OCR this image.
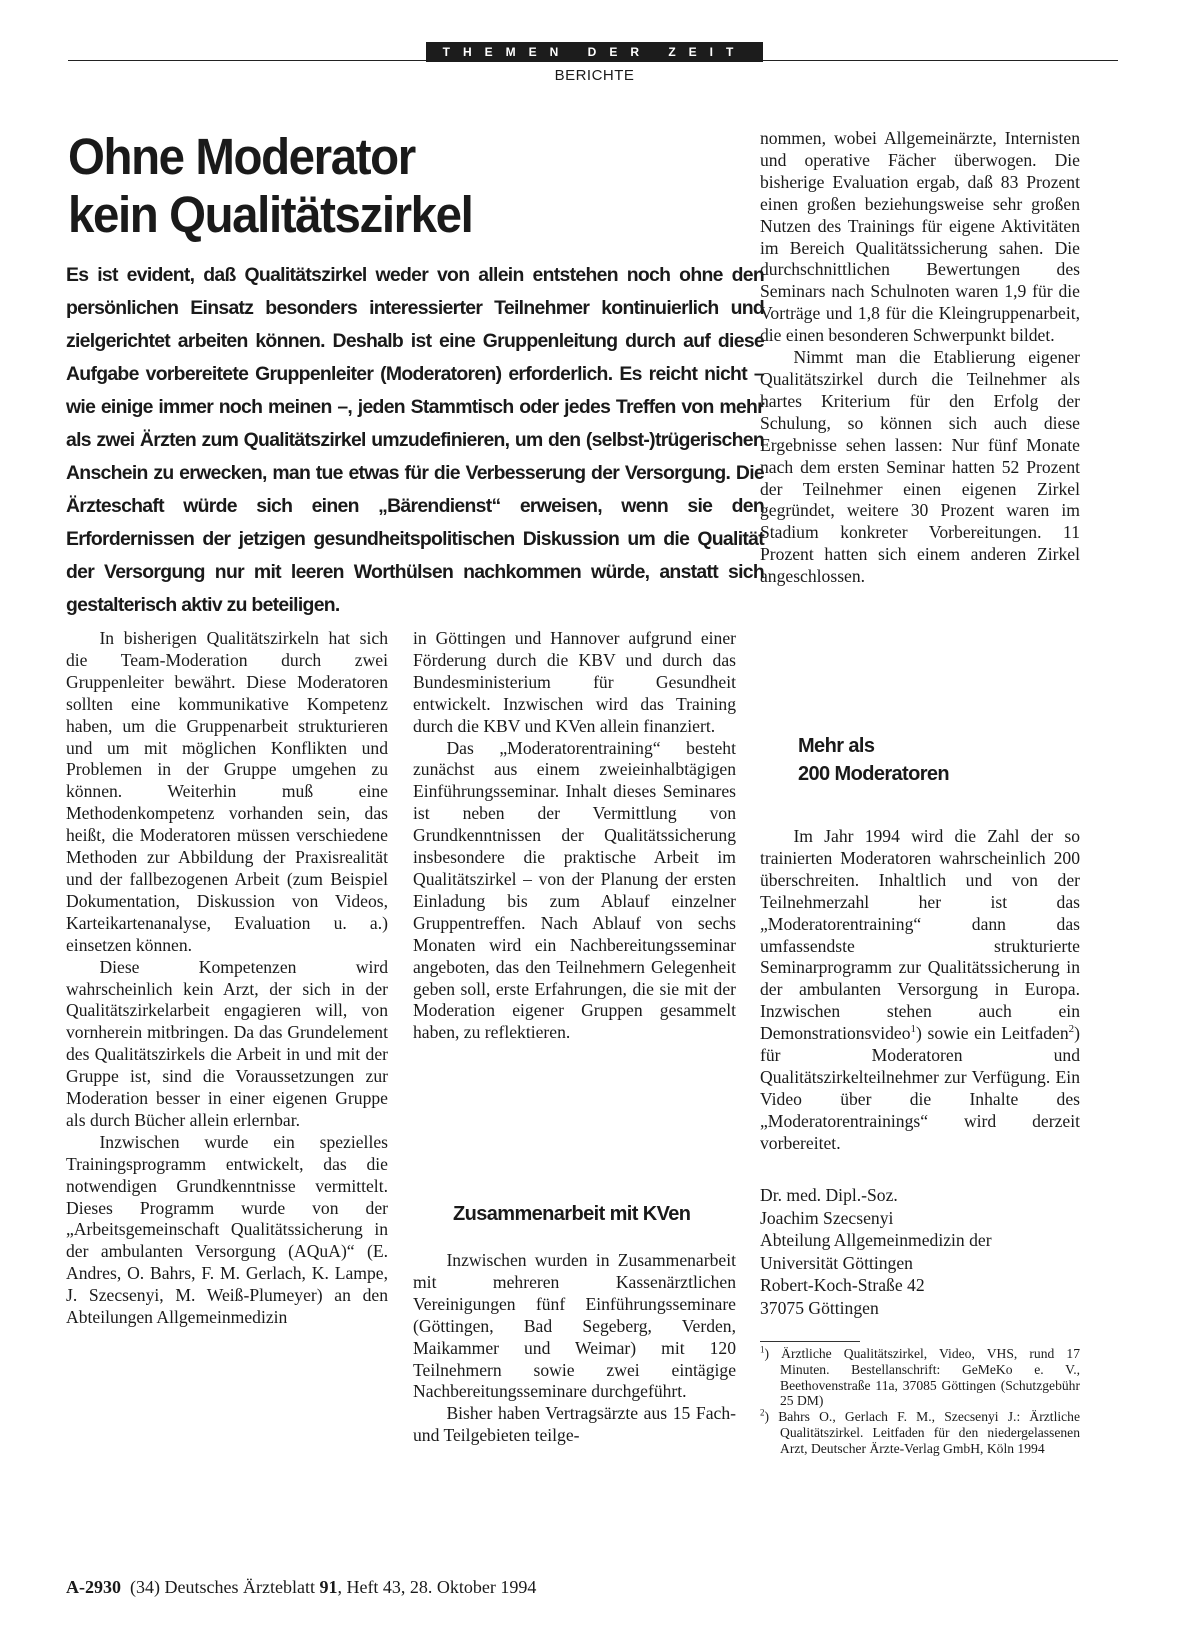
THEMEN DER ZEIT
BERICHTE
Ohne Moderator
kein Qualitätszirkel

Es ist evident, daß Qualitätszirkel weder von allein entstehen noch ohne den persönlichen Einsatz besonders interessierter Teilnehmer kontinuierlich und zielgerichtet arbeiten können. Deshalb ist eine Gruppenleitung durch auf diese Aufgabe vorbereitete Gruppenleiter (Moderatoren) erforderlich. Es reicht nicht – wie einige immer noch meinen –, jeden Stammtisch oder jedes Treffen von mehr als zwei Ärzten zum Qualitätszirkel umzudefinieren, um den (selbst-)trügerischen Anschein zu erwecken, man tue etwas für die Verbesserung der Versorgung. Die Ärzteschaft würde sich einen „Bärendienst“ erweisen, wenn sie den Erfordernissen der jetzigen gesundheitspolitischen Diskussion um die Qualität der Versorgung nur mit leeren Worthülsen nachkommen würde, anstatt sich gestalterisch aktiv zu beteiligen.

In bisherigen Qualitätszirkeln hat sich die Team-Moderation durch zwei Gruppenleiter bewährt. Diese Moderatoren sollten eine kommunikative Kompetenz haben, um die Gruppenarbeit strukturieren und um mit möglichen Konflikten und Problemen in der Gruppe umgehen zu können. Weiterhin muß eine Methodenkompetenz vorhanden sein, das heißt, die Moderatoren müssen verschiedene Methoden zur Abbildung der Praxisrealität und der fallbezogenen Arbeit (zum Beispiel Dokumentation, Diskussion von Videos, Karteikartenanalyse, Evaluation u. a.) einsetzen können.

Diese Kompetenzen wird wahrscheinlich kein Arzt, der sich in der Qualitätszirkelarbeit engagieren will, von vornherein mitbringen. Da das Grundelement des Qualitätszirkels die Arbeit in und mit der Gruppe ist, sind die Voraussetzungen zur Moderation besser in einer eigenen Gruppe als durch Bücher allein erlernbar.

Inzwischen wurde ein spezielles Trainingsprogramm entwickelt, das die notwendigen Grundkenntnisse vermittelt. Dieses Programm wurde von der „Arbeitsgemeinschaft Qualitätssicherung in der ambulanten Versorgung (AQuA)“ (E. Andres, O. Bahrs, F. M. Gerlach, K. Lampe, J. Szecsenyi, M. Weiß-Plumeyer) an den Abteilungen Allgemeinmedizin

in Göttingen und Hannover aufgrund einer Förderung durch die KBV und durch das Bundesministerium für Gesundheit entwickelt. Inzwischen wird das Training durch die KBV und KVen allein finanziert.

Das „Moderatorentraining“ besteht zunächst aus einem zweieinhalbtägigen Einführungsseminar. Inhalt dieses Seminares ist neben der Vermittlung von Grundkenntnissen der Qualitätssicherung insbesondere die praktische Arbeit im Qualitätszirkel – von der Planung der ersten Einladung bis zum Ablauf einzelner Gruppentreffen. Nach Ablauf von sechs Monaten wird ein Nachbereitungsseminar angeboten, das den Teilnehmern Gelegenheit geben soll, erste Erfahrungen, die sie mit der Moderation eigener Gruppen gesammelt haben, zu reflektieren.

Zusammenarbeit mit KVen

Inzwischen wurden in Zusammenarbeit mit mehreren Kassenärztlichen Vereinigungen fünf Einführungsseminare (Göttingen, Bad Segeberg, Verden, Maikammer und Weimar) mit 120 Teilnehmern sowie zwei eintägige Nachbereitungsseminare durchgeführt.

Bisher haben Vertragsärzte aus 15 Fach- und Teilgebieten teilge-

nommen, wobei Allgemeinärzte, Internisten und operative Fächer überwogen. Die bisherige Evaluation ergab, daß 83 Prozent einen großen beziehungsweise sehr großen Nutzen des Trainings für eigene Aktivitäten im Bereich Qualitätssicherung sahen. Die durchschnittlichen Bewertungen des Seminars nach Schulnoten waren 1,9 für die Vorträge und 1,8 für die Kleingruppenarbeit, die einen besonderen Schwerpunkt bildet.

Nimmt man die Etablierung eigener Qualitätszirkel durch die Teilnehmer als hartes Kriterium für den Erfolg der Schulung, so können sich auch diese Ergebnisse sehen lassen: Nur fünf Monate nach dem ersten Seminar hatten 52 Prozent der Teilnehmer einen eigenen Zirkel gegründet, weitere 30 Prozent waren im Stadium konkreter Vorbereitungen. 11 Prozent hatten sich einem anderen Zirkel angeschlossen.

Mehr als
200 Moderatoren

Im Jahr 1994 wird die Zahl der so trainierten Moderatoren wahrscheinlich 200 überschreiten. Inhaltlich und von der Teilnehmerzahl her ist das „Moderatorentraining“ dann das umfassendste strukturierte Seminarprogramm zur Qualitätssicherung in der ambulanten Versorgung in Europa. Inzwischen stehen auch ein Demonstrationsvideo$^1$) sowie ein Leitfaden$^2$) für Moderatoren und Qualitätszirkelteilnehmer zur Verfügung. Ein Video über die Inhalte des „Moderatorentrainings“ wird derzeit vorbereitet.

Dr. med. Dipl.-Soz.
Joachim Szecsenyi
Abteilung Allgemeinmedizin der
Universität Göttingen
Robert-Koch-Straße 42
37075 Göttingen

$^1$) Ärztliche Qualitätszirkel, Video, VHS, rund 17 Minuten. Bestellanschrift: GeMeKo e. V., Beethovenstraße 11a, 37085 Göttingen (Schutzgebühr 25 DM)

$^2$) Bahrs O., Gerlach F. M., Szecsenyi J.: Ärztliche Qualitätszirkel. Leitfaden für den niedergelassenen Arzt, Deutscher Ärzte-Verlag GmbH, Köln 1994

A-2930 (34) Deutsches Ärzteblatt 91, Heft 43, 28. Oktober 1994
